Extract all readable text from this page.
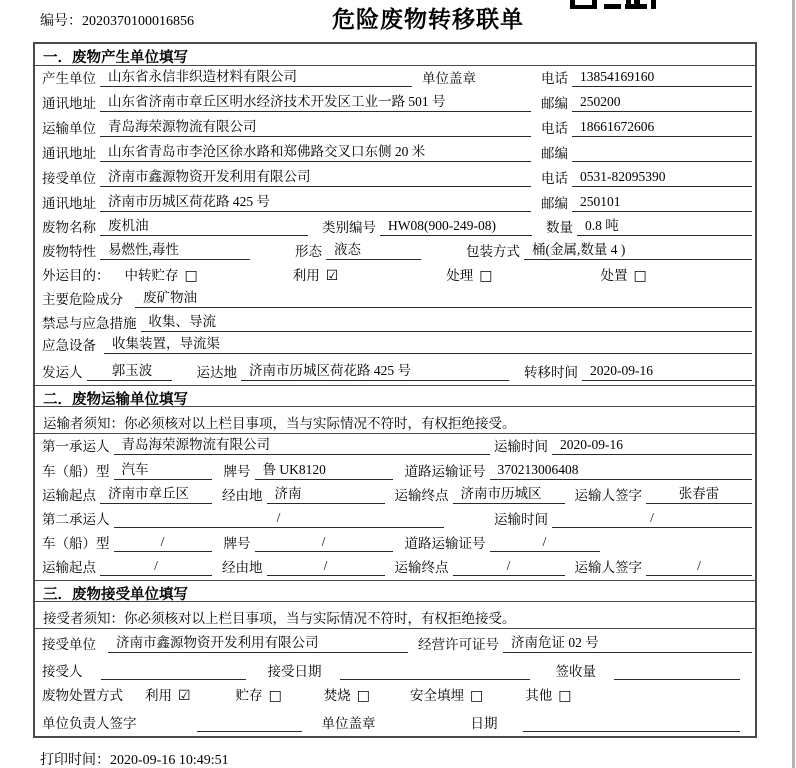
编号：2020370100016856	危险废物转移联单
一．废物产生单位填写
产生单位 山东省永信非织造材料有限公司	单位盖章	电话 13854169160
通讯地址 山东省济南市章丘区明水经济技术开发区工业一路 501 号	邮编 250200
运输单位 青岛海荣源物流有限公司	电话 18661672606
通讯地址 山东省青岛市李沧区徐水路和郑佛路交叉口东侧 20 米	邮编
接受单位 济南市鑫源物资开发利用有限公司	电话 0531-82095390
通讯地址 济南市历城区荷花路 425 号	邮编 250101
废物名称 废机油	类别编号 HW08(900-249-08)	数量 0.8 吨
废物特性 易燃性,毒性	形态 液态	包装方式 桶(金属,数量 4 )
外运目的： 中转贮存 □	利用 ☑	处理 □	处置 □
主要危险成分	废矿物油
禁忌与应急措施 收集、导流
应急设备	收集装置，导流渠
发运人	郭玉波	运达地 济南市历城区荷花路 425 号	转移时间 2020-09-16
二．废物运输单位填写
运输者须知：你必须核对以上栏目事项，当与实际情况不符时，有权拒绝接受。
第一承运人 青岛海荣源物流有限公司	运输时间 2020-09-16
车（船）型 汽车	牌号 鲁 UK8120	道路运输证号 370213006408
运输起点 济南市章丘区	经由地 济南	运输终点 济南市历城区	运输人签字	张春雷
第二承运人	/	运输时间	/
车（船）型	/	牌号	/	道路运输证号	/
运输起点	/	经由地	/	运输终点	/	运输人签字	/
三．废物接受单位填写
接受者须知：你必须核对以上栏目事项，当与实际情况不符时，有权拒绝接受。
接受单位	济南市鑫源物资开发利用有限公司	经营许可证号 济南危证 02 号
接受人	接受日期	签收量
废物处置方式 利用 ☑	贮存 □	焚烧 □	安全填埋 □	其他 □
单位负责人签字	单位盖章	日期
打印时间：2020-09-16 10:49:51
